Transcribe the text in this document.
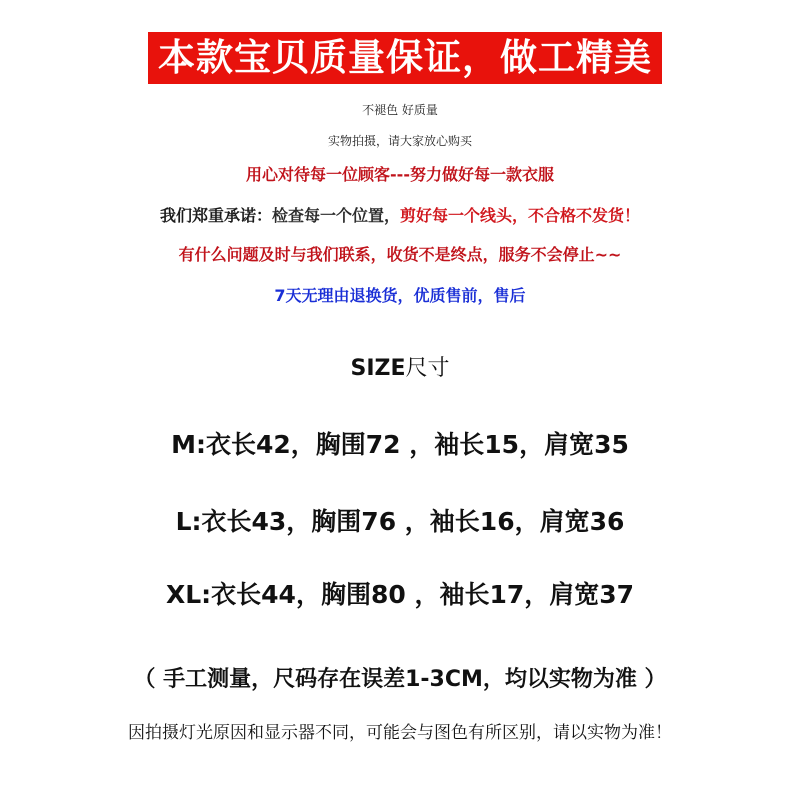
本款宝贝质量保证，做工精美
不褪色 好质量
实物拍摄，请大家放心购买
用心对待每一位顾客---努力做好每一款衣服
我们郑重承诺：检查每一个位置，剪好每一个线头，不合格不发货！
有什么问题及时与我们联系，收货不是终点，服务不会停止~~
7天无理由退换货，优质售前，售后
SIZE尺寸
M:衣长42，胸围72 ，袖长15，肩宽35
L:衣长43，胸围76 ，袖长16，肩宽36
XL:衣长44，胸围80 ，袖长17，肩宽37
（ 手工测量，尺码存在误差1-3CM，均以实物为准 ）
因拍摄灯光原因和显示器不同，可能会与图色有所区别，请以实物为准！
